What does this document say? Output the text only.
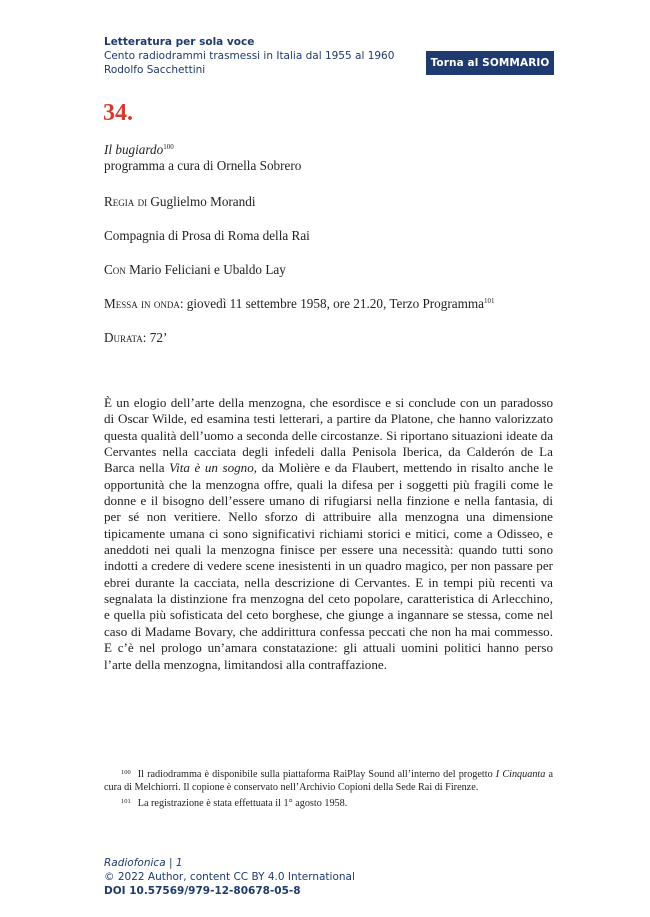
Letteratura per sola voce
Cento radiodrammi trasmessi in Italia dal 1955 al 1960
Rodolfo Sacchettini
Torna al SOMMARIO
34.
Il bugiardo$^{100}$
programma a cura di Ornella Sobrero
Regia di Guglielmo Morandi
Compagnia di Prosa di Roma della Rai
Con Mario Feliciani e Ubaldo Lay
Messa in onda: giovedì 11 settembre 1958, ore 21.20, Terzo Programma$^{101}$
Durata: 72’
È un elogio dell’arte della menzogna, che esordisce e si conclude con un paradosso di Oscar Wilde, ed esamina testi letterari, a partire da Platone, che hanno valorizzato questa qualità dell’uomo a seconda delle circostanze. Si riportano situazioni ideate da Cervantes nella cacciata degli infedeli dalla Penisola Iberica, da Calderón de La Barca nella Vita è un sogno, da Molière e da Flaubert, mettendo in risalto anche le opportunità che la menzogna offre, quali la difesa per i soggetti più fragili come le donne e il bisogno dell’essere umano di rifugiarsi nella finzione e nella fantasia, di per sé non veritiere. Nello sforzo di attribuire alla menzogna una dimensione tipicamente umana ci sono significativi richiami storici e mitici, come a Odisseo, e aneddoti nei quali la menzogna finisce per essere una necessità: quando tutti sono indotti a credere di vedere scene inesistenti in un quadro magico, per non passare per ebrei durante la cacciata, nella descrizione di Cervantes. E in tempi più recenti va segnalata la distinzione fra menzogna del ceto popolare, caratteristica di Arlecchino, e quella più sofisticata del ceto borghese, che giunge a ingannare se stessa, come nel caso di Madame Bovary, che addirittura confessa peccati che non ha mai commesso. E c’è nel prologo un’amara constatazione: gli attuali uomini politici hanno perso l’arte della menzogna, limitandosi alla contraffazione.
$^{100}$ Il radiodramma è disponibile sulla piattaforma RaiPlay Sound all’interno del progetto I Cinquanta a cura di Melchiorri. Il copione è conservato nell’Archivio Copioni della Sede Rai di Firenze.
$^{101}$ La registrazione è stata effettuata il 1° agosto 1958.
Radiofonica | 1
© 2022 Author, content CC BY 4.0 International
DOI 10.57569/979-12-80678-05-8
